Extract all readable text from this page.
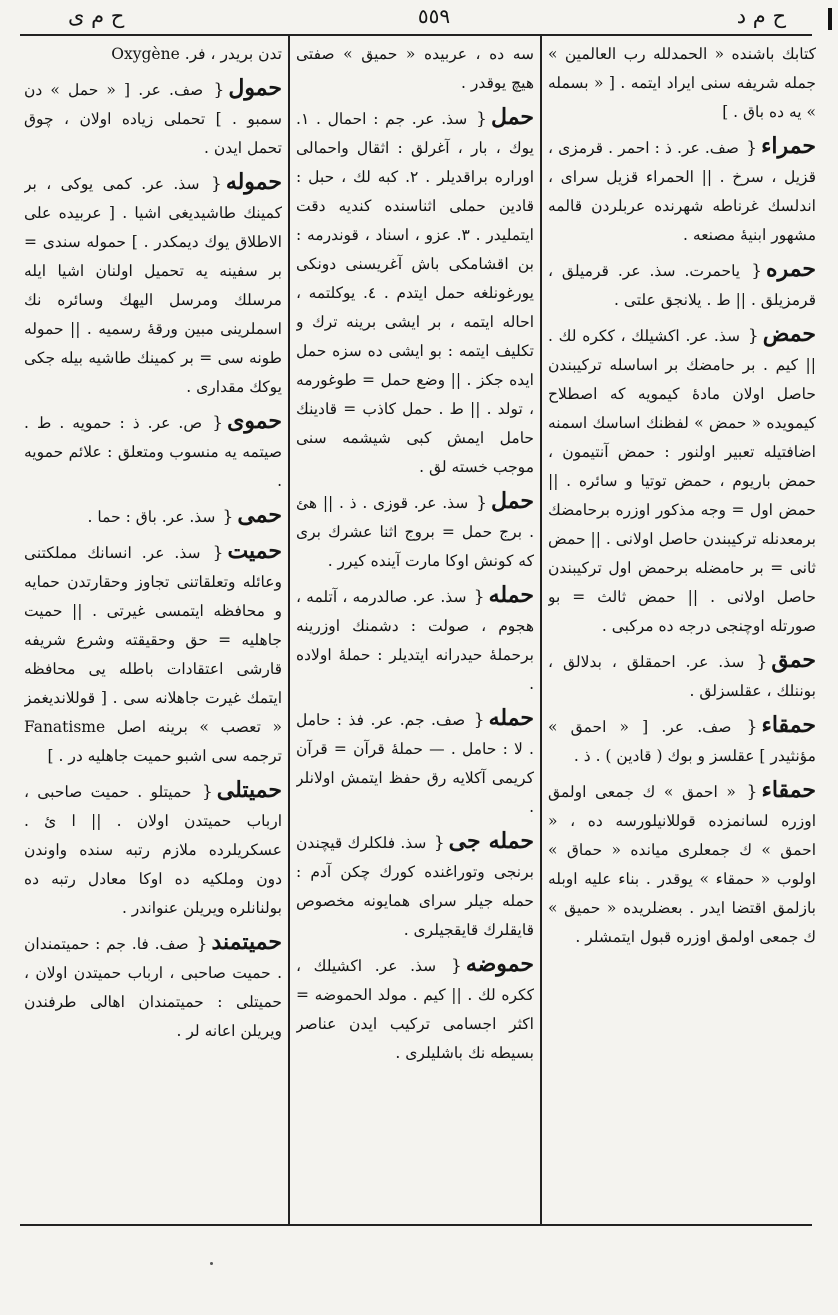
ح م د
٥٥٩
ح م ى
كتابك باشنده « الحمدلله رب العالمين » جمله شريفه سنى ايراد ايتمه . [ « بسمله » يه ده باق . ]
حمراء{ صف. عر. ذ : احمر . قرمزى ، قزيل ، سرخ . || الحمراء قزيل سراى ، اندلسك غرناطه شهرنده عربلردن قالمه مشهور ابنيهٔ مصنعه .
حمره{ ياحمرت. سذ. عر. قرميلق ، قرمزيلق . || ط . يلانجق علتى .
حمض{ سذ. عر. اكشيلك ، ككره لك . || كيم . بر حامضك بر اساسله تركيبندن حاصل اولان مادهٔ كيمويه كه اصطلاح كيمويده « حمض » لفظنك اساسك اسمنه اضافتيله تعبير اولنور : حمض آنتيمون ، حمض باريوم ، حمض توتيا و سائره . || حمض اول = وجه مذكور اوزره برحامضك برمعدنله تركيبندن حاصل اولانى . || حمض ثانى = بر حامضله برحمض اول تركيبندن حاصل اولانى . || حمض ثالث = بو صورتله اوچنجى درجه ده مركبى .
حمق{ سذ. عر. احمقلق ، بدلالق ، بوننلك ، عقلسزلق .
حمقاء{ صف. عر. [ « احمق » مؤنثيدر ] عقلسز و بوك ( قادين ) . ذ .
حمقاء{ « احمق » ك جمعى اولمق اوزره لسانمزده قوللانيلورسه ده ، « احمق » ك جمعلرى ميانده « حماق » اولوب « حمقاء » يوقدر . بناء عليه اوبله بازلمق اقتضا ايدر . بعضلريده « حميق » ك جمعى اولمق اوزره قبول ايتمشلر .
سه ده ، عربيده « حميق » صفتى هيچ يوقدر .
حمل{ سذ. عر. جم : احمال . ١. يوك ، بار ، آغرلق : اثقال واحمالى اوراره براقديلر . ٢. كبه لك ، حبل : قادين حملى اثناسنده كنديه دقت ايتمليدر . ٣. عزو ، اسناد ، قوندرمه : بن اقشامكى باش آغريسنى دونكى يورغونلغه حمل ايتدم . ٤. يوكلتمه ، احاله ايتمه ، بر ايشى برينه ترك و تكليف ايتمه : بو ايشى ده سزه حمل ايده جكز . || وضع حمل = طوغورمه ، تولد . || ط . حمل كاذب = قادينك حامل ايمش كبى شيشمه سنى موجب خسته لق .
حمل{ سذ. عر. قوزى . ذ . || هئ . برج حمل = بروج اثنا عشرك برى كه كونش اوكا مارت آينده كيرر .
حمله{ سذ. عر. صالدرمه ، آتلمه ، هجوم ، صولت : دشمنك اوزرينه برحملهٔ حيدرانه ايتديلر : حملهٔ اولاده .
حمله{ صف. جم. عر. فذ : حامل . لا : حامل . — حملهٔ قرآن = قرآن كريمى آكلايه رق حفظ ايتمش اولانلر .
حمله جى{ سذ. فلكلرك قيچندن برنجى وتوراغنده كورك چكن آدم : حمله جيلر سراى همايونه مخصوص قايقلرك قايقجيلرى .
حموضه{ سذ. عر. اكشيلك ، ككره لك . || كيم . مولد الحموضه = اكثر اجسامى تركيب ايدن عناصر بسيطه نك باشليلرى .
تدن بريدر ، فر. Oxygène
حمول{ صف. عر. [ « حمل » دن سمبو . ] تحملى زياده اولان ، چوق تحمل ايدن .
حموله{ سذ. عر. كمى يوكى ، بر كمينك طاشيديغى اشيا . [ عربيده على الاطلاق يوك ديمكدر . ] حموله سندى = بر سفينه يه تحميل اولنان اشيا ايله مرسلك ومرسل اليهك وسائره نك اسملرينى مبين ورقهٔ رسميه . || حموله طونه سى = بر كمينك طاشيه بيله جكى يوكك مقدارى .
حموى{ ص. عر. ذ : حمويه . ط . صيتمه يه منسوب ومتعلق : علائم حمويه .
حمى{ سذ. عر. باق : حما .
حميت{ سذ. عر. انسانك مملكتنى وعائله وتعلقاتنى تجاوز وحقارتدن حمايه و محافظه ايتمسى غيرتى . || حميت جاهليه = حق وحقيقته وشرع شريفه قارشى اعتقادات باطله يى محافظه ايتمك غيرت جاهلانه سى . [ قوللانديغمز « تعصب » برينه اصل Fanatisme ترجمه سى اشبو حميت جاهليه در . ]
حميتلى{ حميتلو . حميت صاحبى ، ارباب حميتدن اولان . || ا ئ . عسكريلرده ملازم رتبه سنده واوندن دون وملكيه ده اوكا معادل رتبه ده بولنانلره ويريلن عنواندر .
حميتمند{ صف. فا. جم : حميتمندان . حميت صاحبى ، ارباب حميتدن اولان ، حميتلى : حميتمندان اهالى طرفندن ويريلن اعانه لر .
